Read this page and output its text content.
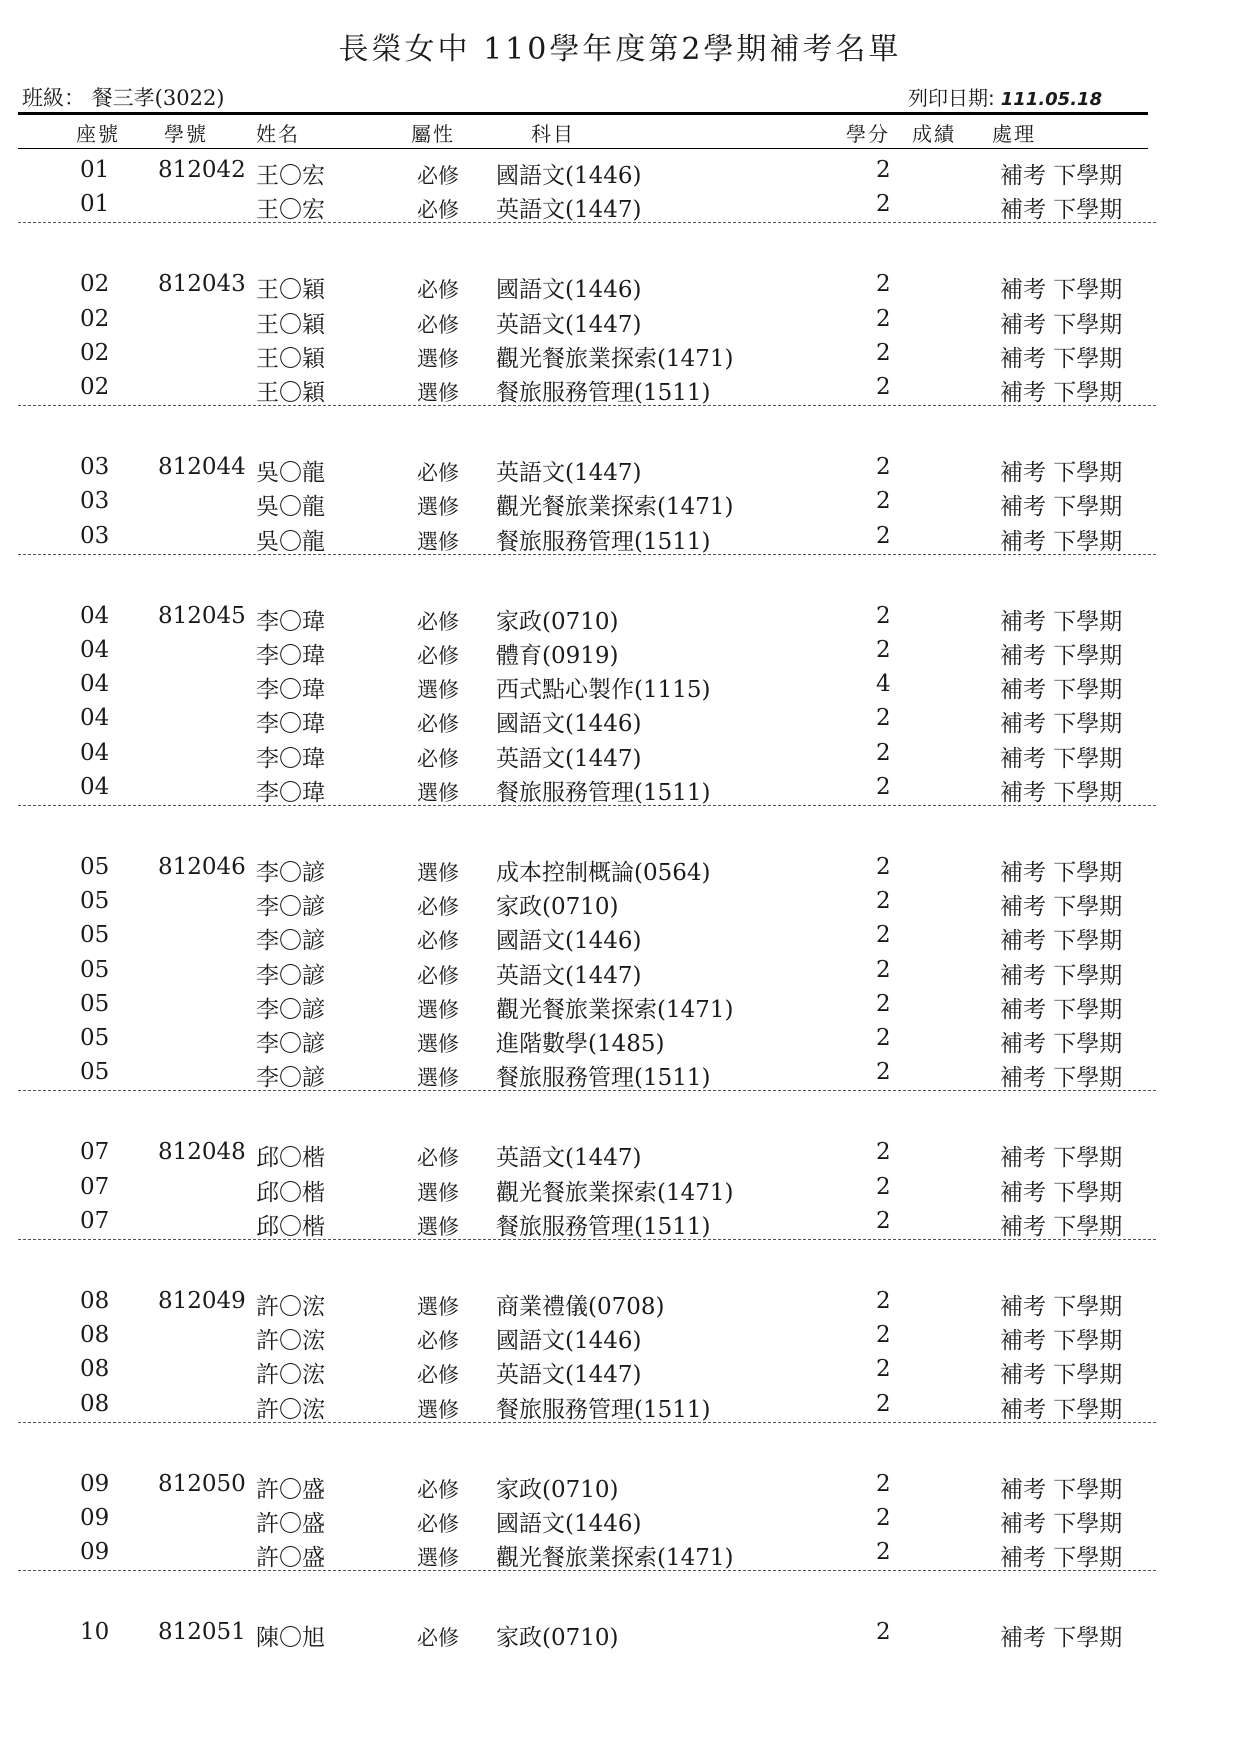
長榮女中 110學年度第2學期補考名單
班級： 餐三孝(3022)	列印日期: 111.05.18
座號 學號 姓名	屬性	科目	學分 成績 處理
01 812042 王〇宏	必修 國語文(1446)	2	補考 下學期
01	王〇宏	必修 英語文(1447)	2	補考 下學期
02 812043 王〇穎	必修 國語文(1446)	2	補考 下學期
02	王〇穎	必修 英語文(1447)	2	補考 下學期
02	王〇穎	選修 觀光餐旅業探索(1471)	2	補考 下學期
02	王〇穎	選修 餐旅服務管理(1511)	2	補考 下學期
03 812044 吳〇龍	必修 英語文(1447)	2	補考 下學期
03	吳〇龍	選修 觀光餐旅業探索(1471)	2	補考 下學期
03	吳〇龍	選修 餐旅服務管理(1511)	2	補考 下學期
04 812045 李〇瑋	必修 家政(0710)	2	補考 下學期
04	李〇瑋	必修 體育(0919)	2	補考 下學期
04	李〇瑋	選修 西式點心製作(1115)	4	補考 下學期
04	李〇瑋	必修 國語文(1446)	2	補考 下學期
04	李〇瑋	必修 英語文(1447)	2	補考 下學期
04	李〇瑋	選修 餐旅服務管理(1511)	2	補考 下學期
05 812046 李〇諺	選修 成本控制概論(0564)	2	補考 下學期
05	李〇諺	必修 家政(0710)	2	補考 下學期
05	李〇諺	必修 國語文(1446)	2	補考 下學期
05	李〇諺	必修 英語文(1447)	2	補考 下學期
05	李〇諺	選修 觀光餐旅業探索(1471)	2	補考 下學期
05	李〇諺	選修 進階數學(1485)	2	補考 下學期
05	李〇諺	選修 餐旅服務管理(1511)	2	補考 下學期
07 812048 邱〇楷	必修 英語文(1447)	2	補考 下學期
07	邱〇楷	選修 觀光餐旅業探索(1471)	2	補考 下學期
07	邱〇楷	選修 餐旅服務管理(1511)	2	補考 下學期
08 812049 許〇浤	選修 商業禮儀(0708)	2	補考 下學期
08	許〇浤	必修 國語文(1446)	2	補考 下學期
08	許〇浤	必修 英語文(1447)	2	補考 下學期
08	許〇浤	選修 餐旅服務管理(1511)	2	補考 下學期
09 812050 許〇盛	必修 家政(0710)	2	補考 下學期
09	許〇盛	必修 國語文(1446)	2	補考 下學期
09	許〇盛	選修 觀光餐旅業探索(1471)	2	補考 下學期
10 812051 陳〇旭	必修 家政(0710)	2	補考 下學期
